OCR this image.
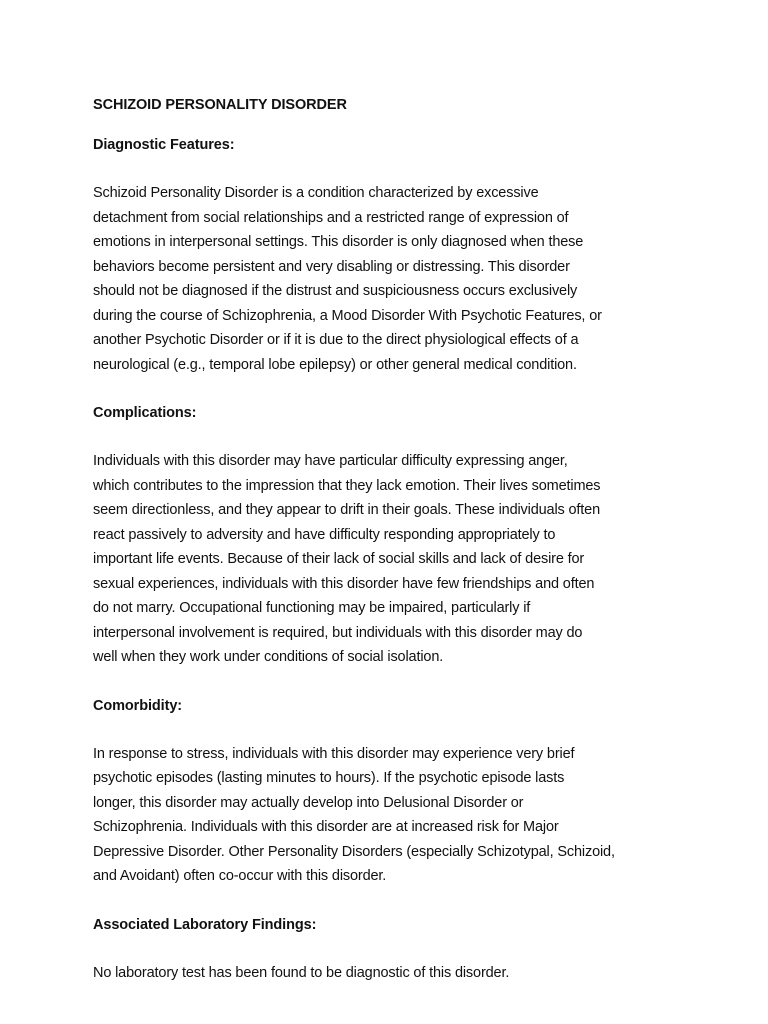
SCHIZOID PERSONALITY DISORDER
Diagnostic Features:
Schizoid Personality Disorder is a condition characterized by excessive
detachment from social relationships and a restricted range of expression of
emotions in interpersonal settings. This disorder is only diagnosed when these
behaviors become persistent and very disabling or distressing. This disorder
should not be diagnosed if the distrust and suspiciousness occurs exclusively
during the course of Schizophrenia, a Mood Disorder With Psychotic Features, or
another Psychotic Disorder or if it is due to the direct physiological effects of a
neurological (e.g., temporal lobe epilepsy) or other general medical condition.
Complications:
Individuals with this disorder may have particular difficulty expressing anger,
which contributes to the impression that they lack emotion. Their lives sometimes
seem directionless, and they appear to drift in their goals. These individuals often
react passively to adversity and have difficulty responding appropriately to
important life events. Because of their lack of social skills and lack of desire for
sexual experiences, individuals with this disorder have few friendships and often
do not marry. Occupational functioning may be impaired, particularly if
interpersonal involvement is required, but individuals with this disorder may do
well when they work under conditions of social isolation.
Comorbidity:
In response to stress, individuals with this disorder may experience very brief
psychotic episodes (lasting minutes to hours). If the psychotic episode lasts
longer, this disorder may actually develop into Delusional Disorder or
Schizophrenia. Individuals with this disorder are at increased risk for Major
Depressive Disorder. Other Personality Disorders (especially Schizotypal, Schizoid,
and Avoidant) often co-occur with this disorder.
Associated Laboratory Findings:
No laboratory test has been found to be diagnostic of this disorder.
